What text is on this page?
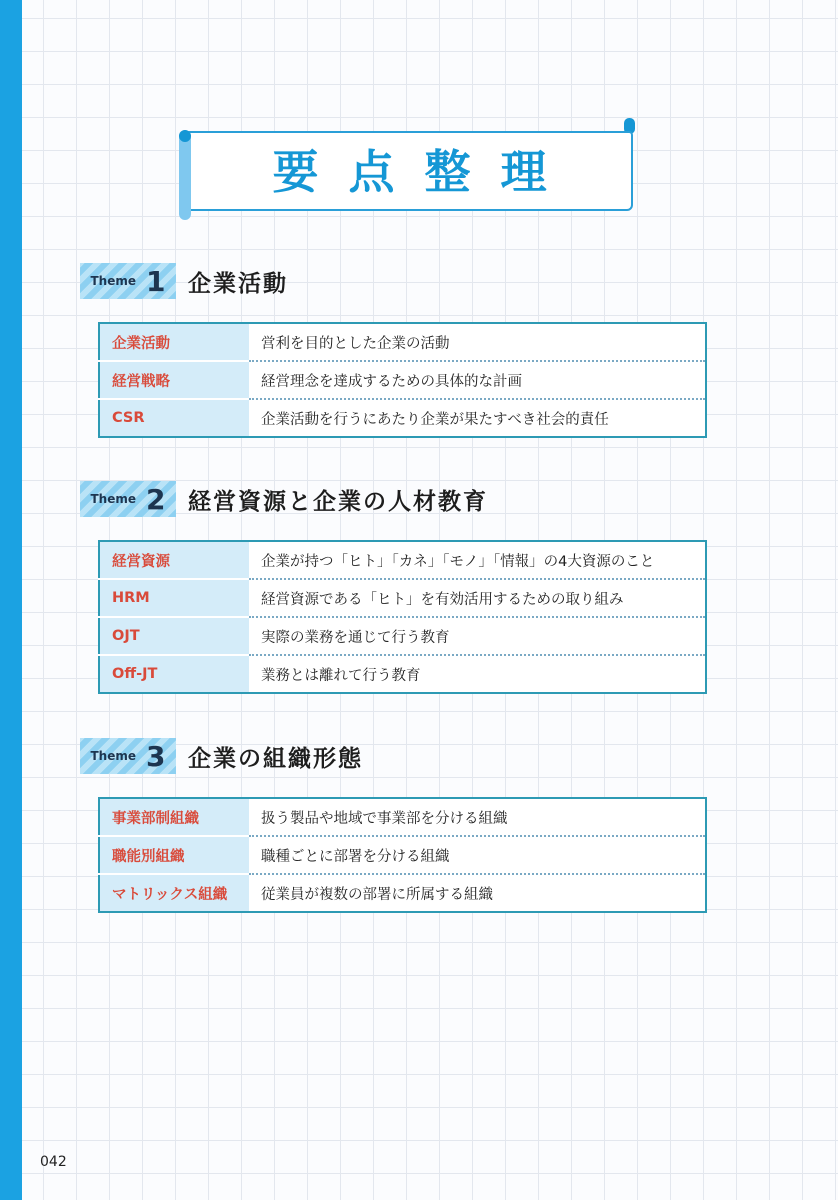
要点整理
Theme 1 企業活動
企業活動	営利を目的とした企業の活動
経営戦略	経営理念を達成するための具体的な計画
CSR	企業活動を行うにあたり企業が果たすべき社会的責任
Theme 2 経営資源と企業の人材教育
経営資源	企業が持つ「ヒト」「カネ」「モノ」「情報」の4大資源のこと
HRM	経営資源である「ヒト」を有効活用するための取り組み
OJT	実際の業務を通じて行う教育
Off-JT	業務とは離れて行う教育
Theme 3 企業の組織形態
事業部制組織	扱う製品や地域で事業部を分ける組織
職能別組織	職種ごとに部署を分ける組織
マトリックス組織	従業員が複数の部署に所属する組織
042
